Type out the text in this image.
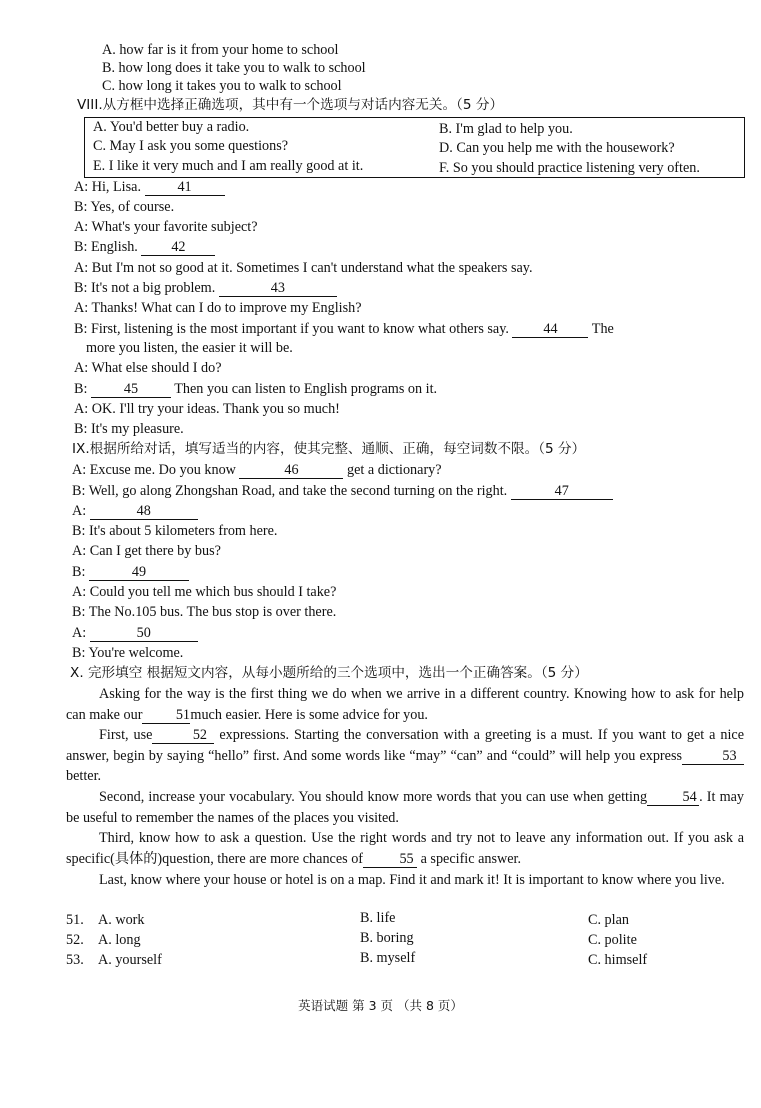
A. how far is it from your home to school
B. how long does it take you to walk to school
C. how long it takes you to walk to school
VIII.从方框中选择正确选项，其中有一个选项与对话内容无关。（5 分）
A. You'd better buy a radio.	B. I'm glad to help you.
C. May I ask you some questions?	D. Can you help me with the housework?
E. I like it very much and I am really good at it.	F. So you should practice listening very often.
A: Hi, Lisa.	41
B: Yes, of course.
A: What's your favorite subject?
B: English. 42
A: But I'm not so good at it. Sometimes I can't understand what the speakers say.
B: It's not a big problem.	43
A: Thanks! What can I do to improve my English?
B: First, listening is the most important if you want to know what others say. 44 The
more you listen, the easier it will be.
A: What else should I do?
B:	45	Then you can listen to English programs on it.
A: OK. I'll try your ideas. Thank you so much!
B: It's my pleasure.
IX.根据所给对话，填写适当的内容，使其完整、通顺、正确，每空词数不限。（5 分）
A: Excuse me. Do you know	46	get a dictionary?
B: Well, go along Zhongshan Road, and take the second turning on the right.	47
A:	48
B: It's about 5 kilometers from here.
A: Can I get there by bus?
B:	49
A: Could you tell me which bus should I take?
B: The No.105 bus. The bus stop is over there.
A:	50
B: You're welcome.
X. 完形填空 根据短文内容，从每小题所给的三个选项中，选出一个正确答案。（5 分）
Asking for the way is the first thing we do when we arrive in a different country. Knowing how to ask for help can make our 51much easier. Here is some advice for you.
First, use	52 expressions. Starting the conversation with a greeting is a must. If you want to get a nice answer, begin by saying “hello” first. And some words like “may” “can” and “could” will help you express	53 better.
Second, increase your vocabulary. You should know more words that you can use when getting 54 . It may be useful to remember the names of the places you visited.
Third, know how to ask a question. Use the right words and try not to leave any information out. If you ask a specific(具体的)question, there are more chances of	55 a specific answer.
Last, know where your house or hotel is on a map. Find it and mark it! It is important to know where you live.
51. A. work	B. life	C. plan
52. A. long	B. boring	C. polite
53. A. yourself	B. myself	C. himself
英语试题 第 3 页 （共 8 页）
